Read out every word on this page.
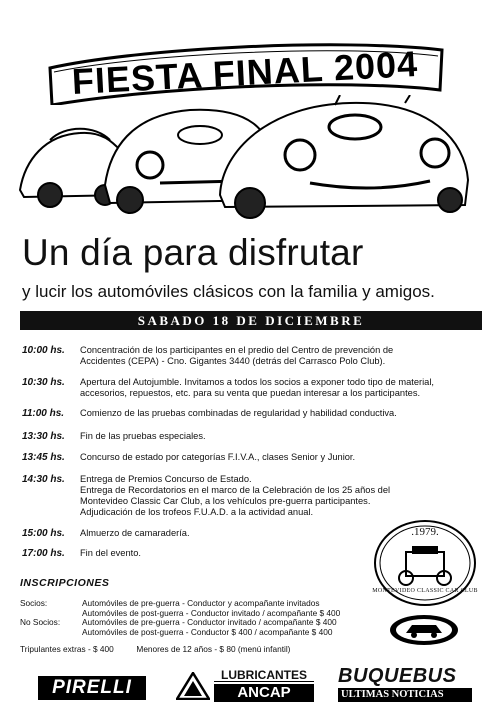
FIESTA FINAL 2004
Un día para disfrutar
y lucir los automóviles clásicos con la familia y amigos.
SABADO 18 DE DICIEMBRE
10:00 hs.	Concentración de los participantes en el predio del Centro de prevención de
Accidentes (CEPA) - Cno. Gigantes 3440 (detrás del Carrasco Polo Club).
10:30 hs.	Apertura del Autojumble. Invitamos a todos los socios a exponer todo tipo de material,
accesorios, repuestos, etc. para su venta que puedan interesar a los participantes.
11:00 hs.	Comienzo de las pruebas combinadas de regularidad y habilidad conductiva.
13:30 hs.	Fin de las pruebas especiales.
13:45 hs.	Concurso de estado por categorías F.I.V.A., clases Senior y Junior.
14:30 hs.	Entrega de Premios Concurso de Estado.
Entrega de Recordatorios en el marco de la Celebración de los 25 años del
Montevideo Classic Car Club, a los vehículos pre-guerra participantes.
Adjudicación de los trofeos F.U.A.D. a la actividad anual.
15:00 hs.	Almuerzo de camaradería.
17:00 hs.	Fin del evento.
INSCRIPCIONES
Socios:	Automóviles de pre-guerra - Conductor y acompañante invitados
Automóviles de post-guerra - Conductor invitado / acompañante $ 400
No Socios:	Automóviles de pre-guerra - Conductor invitado / acompañante $ 400
Automóviles de post-guerra - Conductor $ 400 / acompañante $ 400
Tripulantes extras - $ 400	Menores de 12 años - $ 80 (menú infantil)
.1979.
MONTEVIDEO CLASSIC CAR CLUB
PIRELLI
LUBRICANTES
ANCAP
BUQUEBUS
ULTIMAS NOTICIAS
